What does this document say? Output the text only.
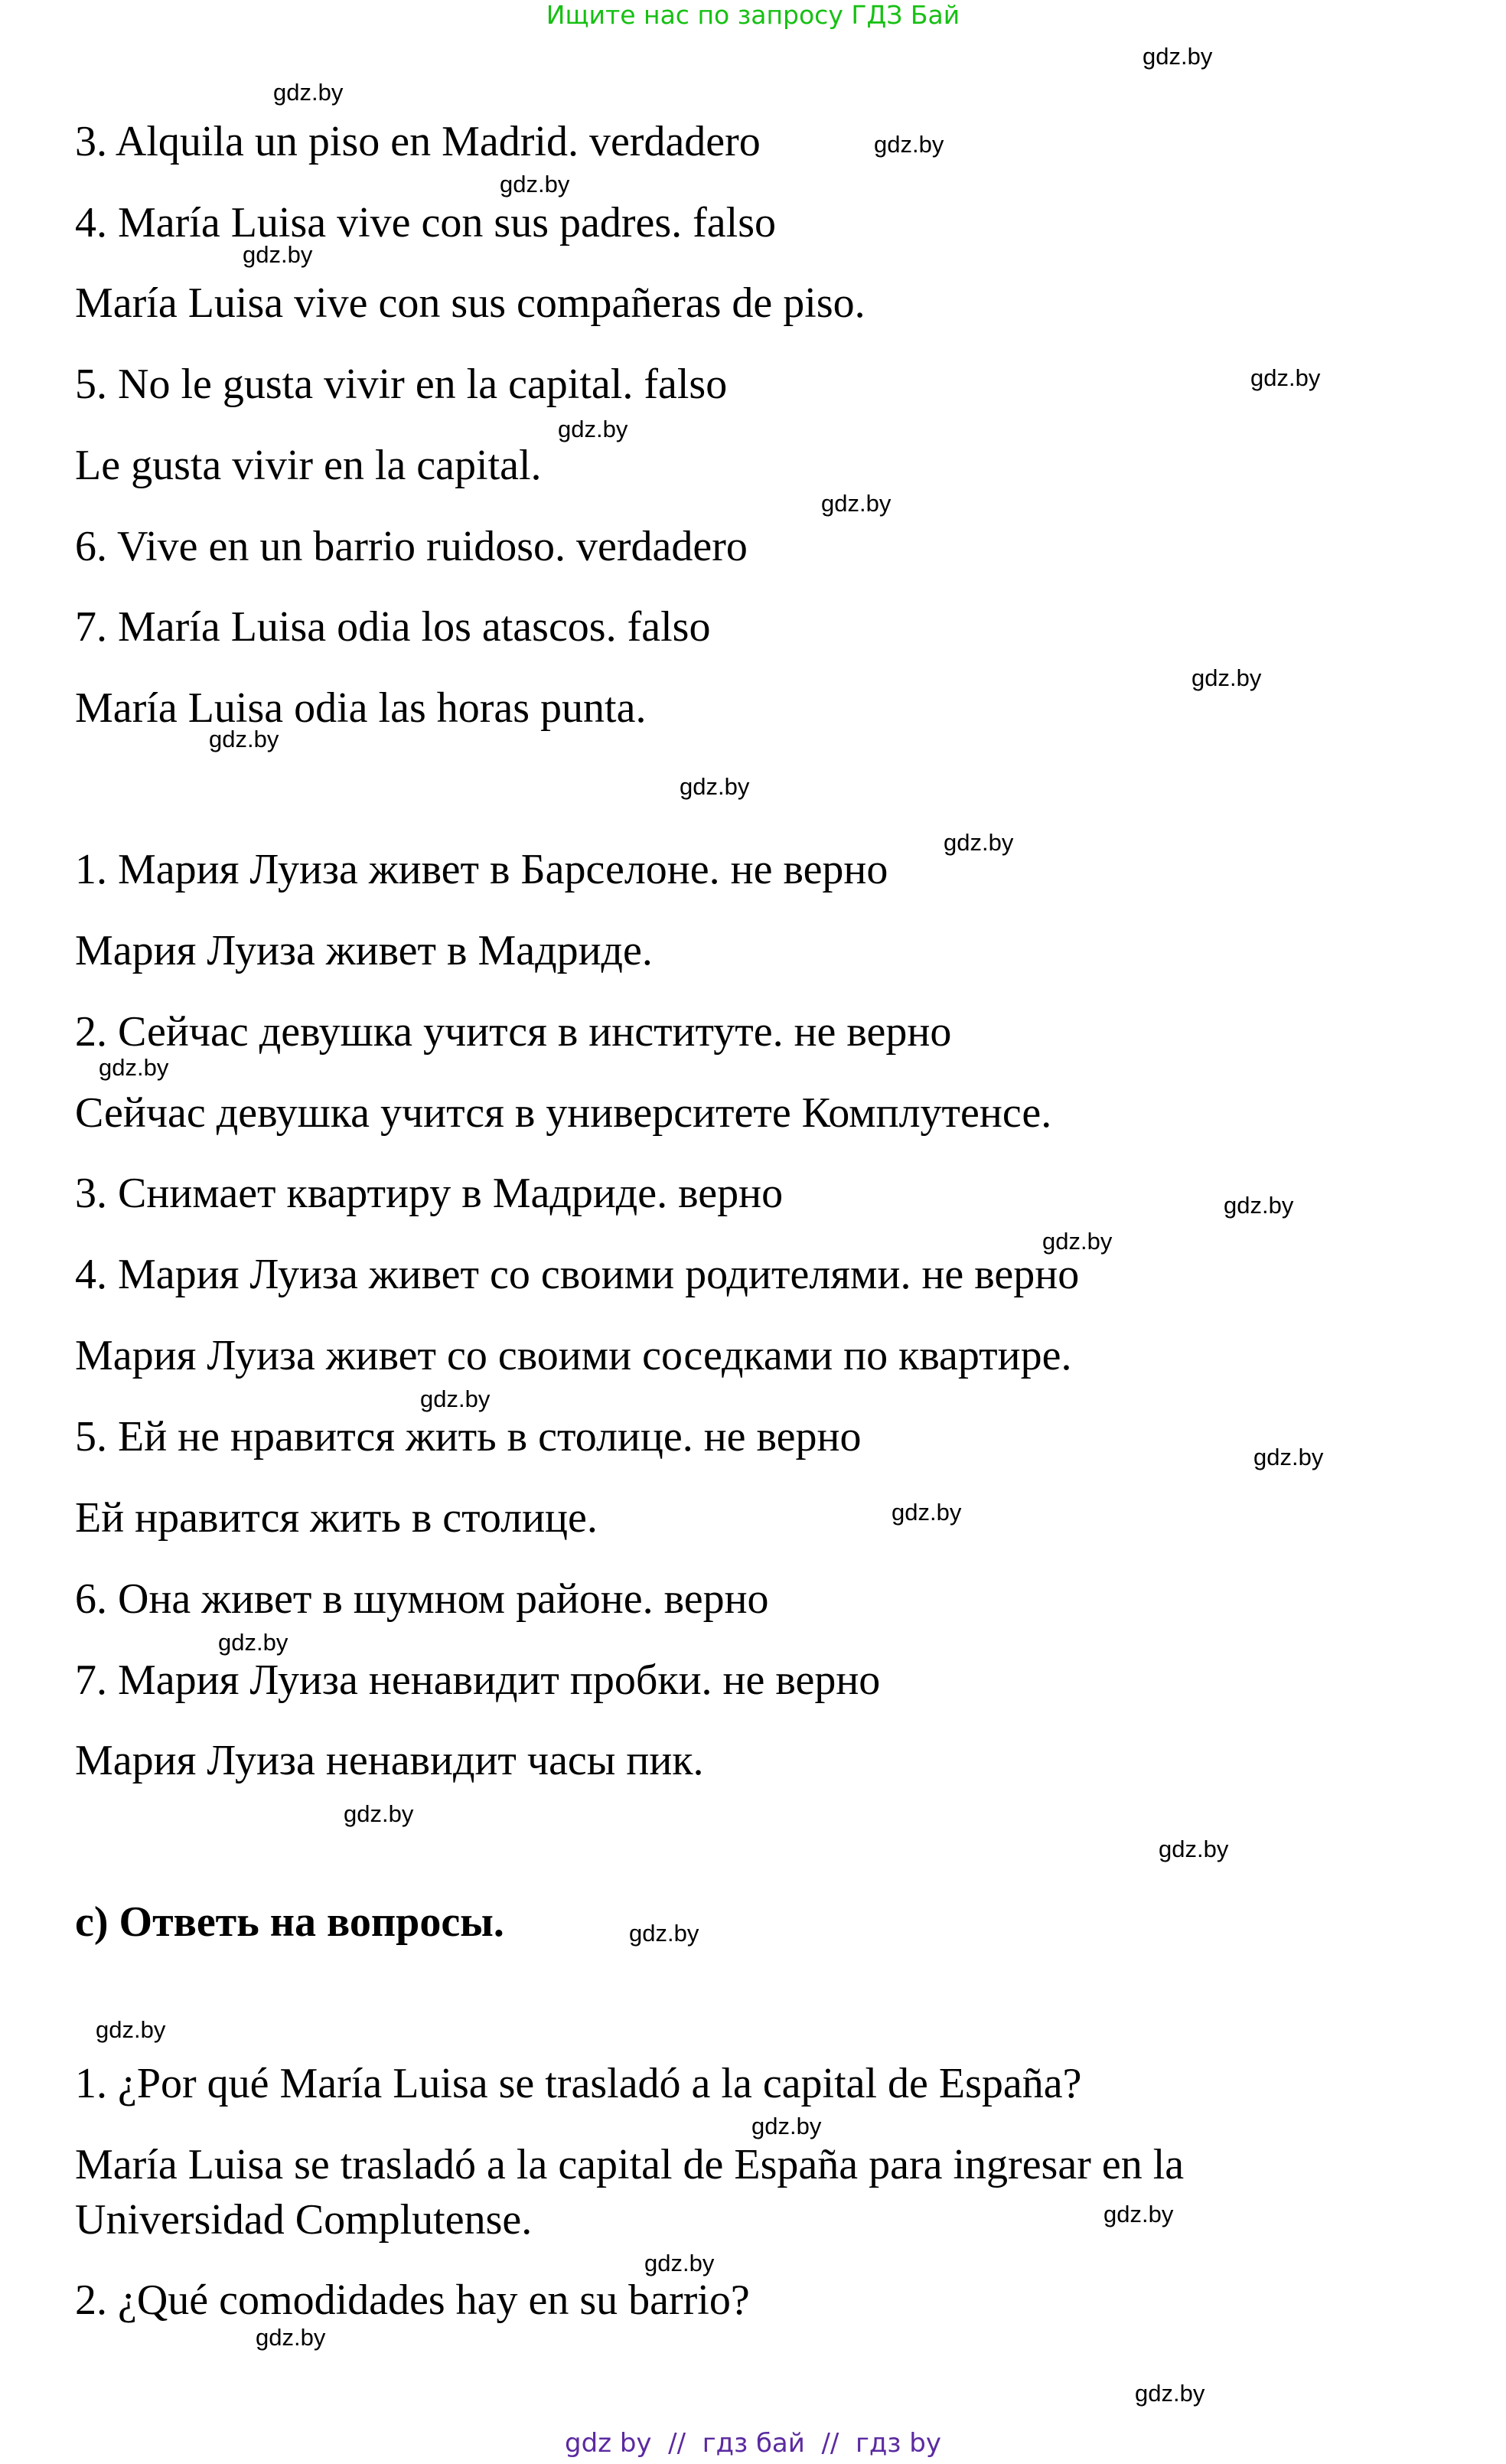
Ищите нас по запросу ГДЗ Бай
3. Alquila un piso en Madrid. verdadero
4. María Luisa vive con sus padres. falso
María Luisa vive con sus compañeras de piso.
5. No le gusta vivir en la capital. falso
Le gusta vivir en la capital.
6. Vive en un barrio ruidoso. verdadero
7. María Luisa odia los atascos. falso
María Luisa odia las horas punta.
1. Мария Луиза живет в Барселоне. не верно
Мария Луиза живет в Мадриде.
2. Сейчас девушка учится в институте. не верно
Сейчас девушка учится в университете Комплутенсе.
3. Снимает квартиру в Мадриде. верно
4. Мария Луиза живет со своими родителями. не верно
Мария Луиза живет со своими соседками по квартире.
5. Ей не нравится жить в столице. не верно
Ей нравится жить в столице.
6. Она живет в шумном районе. верно
7. Мария Луиза ненавидит пробки. не верно
Мария Луиза ненавидит часы пик.
c) Ответь на вопросы.
1. ¿Por qué María Luisa se trasladó a la capital de España?
María Luisa se trasladó a la capital de España para ingresar en la
Universidad Complutense.
2. ¿Qué comodidades hay en su barrio?
gdz.by
gdz.by
gdz.by
gdz.by
gdz.by
gdz.by
gdz.by
gdz.by
gdz.by
gdz.by
gdz.by
gdz.by
gdz.by
gdz.by
gdz.by
gdz.by
gdz.by
gdz.by
gdz.by
gdz.by
gdz.by
gdz.by
gdz.by
gdz.by
gdz.by
gdz.by
gdz.by
gdz.by
gdz by  //  гдз бай  //  гдз by
